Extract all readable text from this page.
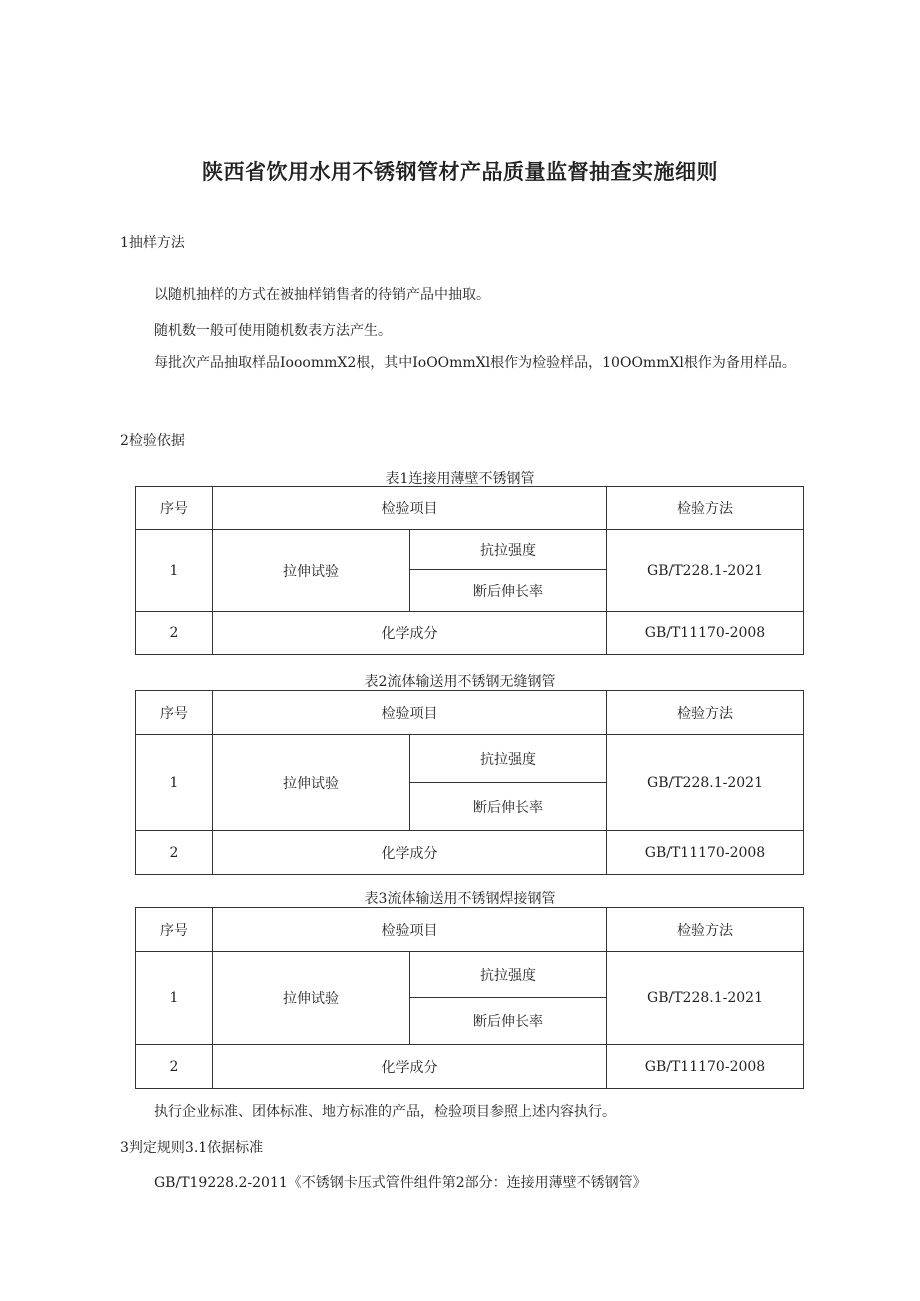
陕西省饮用水用不锈钢管材产品质量监督抽查实施细则
1抽样方法
以随机抽样的方式在被抽样销售者的待销产品中抽取。
随机数一般可使用随机数表方法产生。
每批次产品抽取样品IooommX2根，其中IoOOmmXl根作为检验样品，10OOmmXl根作为备用样品。
2检验依据
表1连接用薄壁不锈钢管
序号	检验项目		检验方法
1	拉伸试验	抗拉强度	GB/T228.1-2021
		断后伸长率	
2	化学成分		GB/T11170-2008
表2流体输送用不锈钢无缝钢管
序号	检验项目		检验方法
1	拉伸试验	抗拉强度	GB/T228.1-2021
		断后伸长率	
2	化学成分		GB/T11170-2008
表3流体输送用不锈钢焊接钢管
序号	检验项目		检验方法
1	拉伸试验	抗拉强度	GB/T228.1-2021
		断后伸长率	
2	化学成分		GB/T11170-2008
执行企业标准、团体标准、地方标准的产品，检验项目参照上述内容执行。
3判定规则3.1依据标准
GB/T19228.2-2011《不锈钢卡压式管件组件第2部分：连接用薄壁不锈钢管》
